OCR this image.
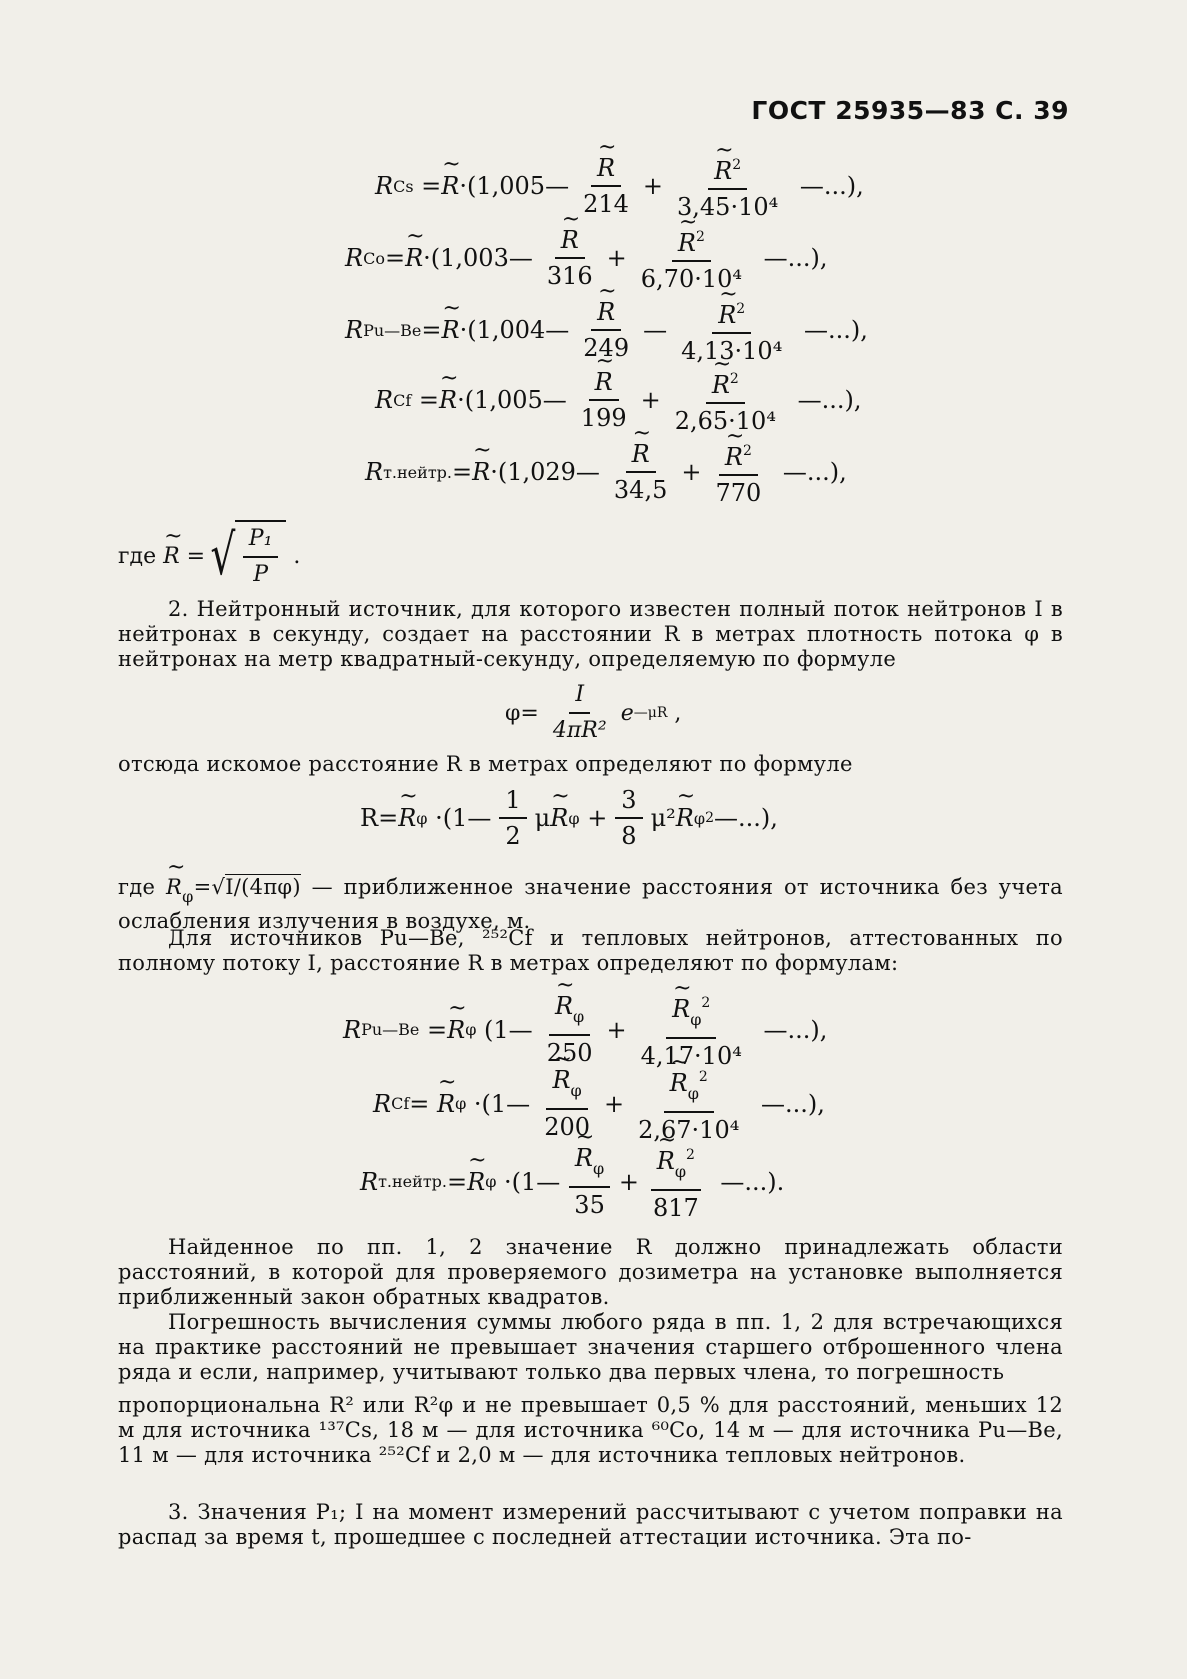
ГОСТ 25935—83 С. 39
R Cs = ~ R ·( 1,005— ~ $\frac{R}{214}$ + ~ $\frac{R^2}{\text{3,45·10⁴}}$ —...),
R Co = ~ R ·( 1,003— ~ $\frac{R}{316}$ + ~ $\frac{R^2}{\text{6,70·10⁴}}$ —...),
R Pu—Be = ~ R ·( 1,004— ~ $\frac{R}{249}$ — ~ $\frac{R^2}{\text{4,13·10⁴}}$ —...),
R Cf = ~ R ·( 1,005— ~ $\frac{R}{199}$ + ~ $\frac{R^2}{\text{2,65·10⁴}}$ —...),
R т.нейтр. = ~ R ·( 1,029— ~ $\frac{R}{34,5}$ + ~ $\frac{R^2}{770}$ —...),
где
~ R = √ $\frac{\text{P₁}}{P}$ .
2. Нейтронный источник, для которого известен полный поток нейтронов I в нейтронах в секунду, создает на расстоянии R в метрах плотность потока φ в нейтронах на метр квадратный-секунду, определяемую по формуле
$\varphi= \frac{I}{\text{4πR²}}$ e —μR ,
отсюда искомое расстояние R в метрах определяют по формуле
R= ~ R φ
·(1— $\frac{1}{2}$ μ ~ R φ
+ $\frac{3}{8} \mu^2$ ~ R φ 2 —...),
где ~ $R_\varphi=√I/(4\pi\varphi)$ — приближенное значение расстояния от источника без учета ослабления излучения в воздухе, м.
Для источников Pu—Be, ²⁵²Cf и тепловых нейтронов, аттестованных по полному потоку I, расстояние R в метрах определяют по формулам:
R Pu—Be = ~ R φ
(1— ~ $\frac{R_\varphi}{250}$ + ~ $\frac{R_\varphi^2}{\text{4,17·10⁴}}$
—...),
R Cf = ~ R φ
·(1— ~ $\frac{R_\varphi}{200}$ + ~ $\frac{R_\varphi^2}{\text{2,67·10⁴}}$
—...),
R т.нейтр. = ~ R φ
·(1— ~ $\frac{R_\varphi}{35}$ + ~ $\frac{R_\varphi^2}{817}$
—...).
Найденное по пп. 1, 2 значение R должно принадлежать области расстояний, в которой для проверяемого дозиметра на установке выполняется приближенный закон обратных квадратов.
Погрешность вычисления суммы любого ряда в пп. 1, 2 для встречающихся на практике расстояний не превышает значения старшего отброшенного члена ряда и если, например, учитывают только два первых члена, то погрешность
пропорциональна R² или R²φ и не превышает 0,5 % для расстояний, меньших 12 м для источника ¹³⁷Cs, 18 м — для источника ⁶⁰Co, 14 м — для источника Pu—Be, 11 м — для источника ²⁵²Cf и 2,0 м — для источника тепловых нейтронов.
3. Значения P₁; I на момент измерений рассчитывают с учетом поправки на распад за время t, прошедшее с последней аттестации источника. Эта по-
